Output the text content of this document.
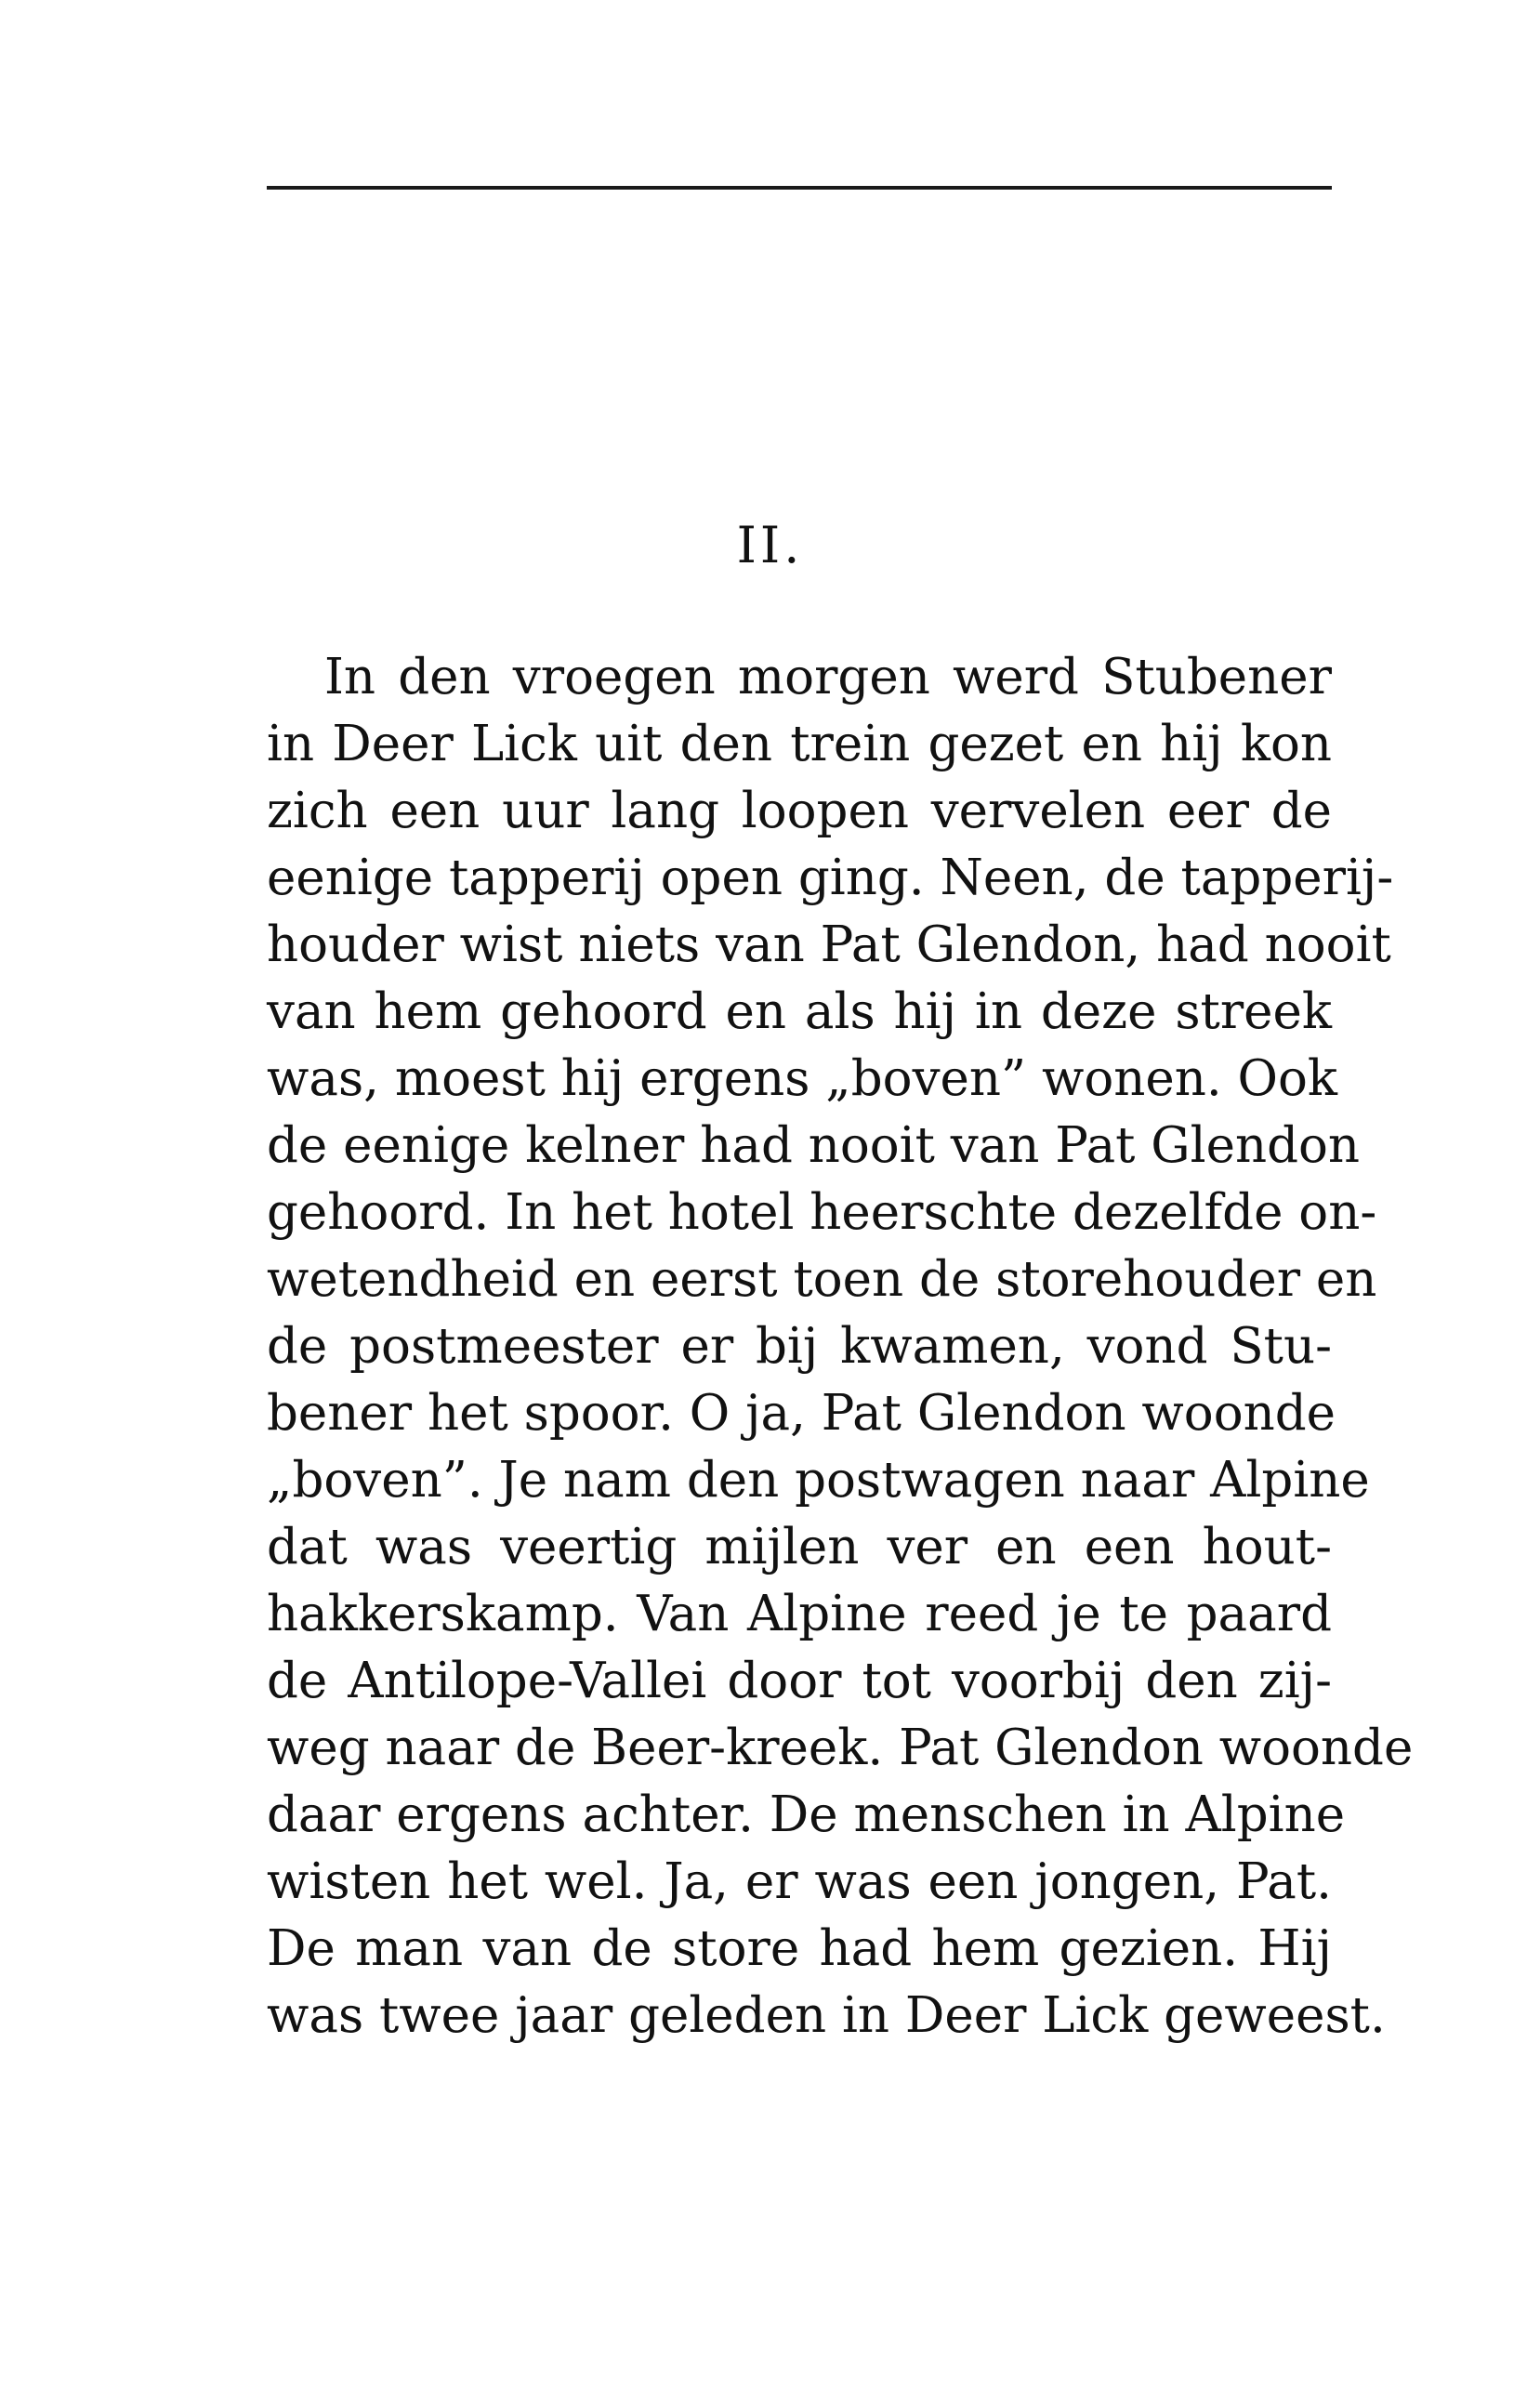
II.
In den vroegen morgen werd Stubener
in Deer Lick uit den trein gezet en hij kon
zich een uur lang loopen vervelen eer de
eenige tapperij open ging. Neen, de tapperij-
houder wist niets van Pat Glendon, had nooit
van hem gehoord en als hij in deze streek
was, moest hij ergens „boven” wonen. Ook
de eenige kelner had nooit van Pat Glendon
gehoord. In het hotel heerschte dezelfde on-
wetendheid en eerst toen de storehouder en
de postmeester er bij kwamen, vond Stu-
bener het spoor. O ja, Pat Glendon woonde
„boven”. Je nam den postwagen naar Alpine
dat was veertig mijlen ver en een hout-
hakkerskamp. Van Alpine reed je te paard
de Antilope-Vallei door tot voorbij den zij-
weg naar de Beer-kreek. Pat Glendon woonde
daar ergens achter. De menschen in Alpine
wisten het wel. Ja, er was een jongen, Pat.
De man van de store had hem gezien. Hij
was twee jaar geleden in Deer Lick geweest.
